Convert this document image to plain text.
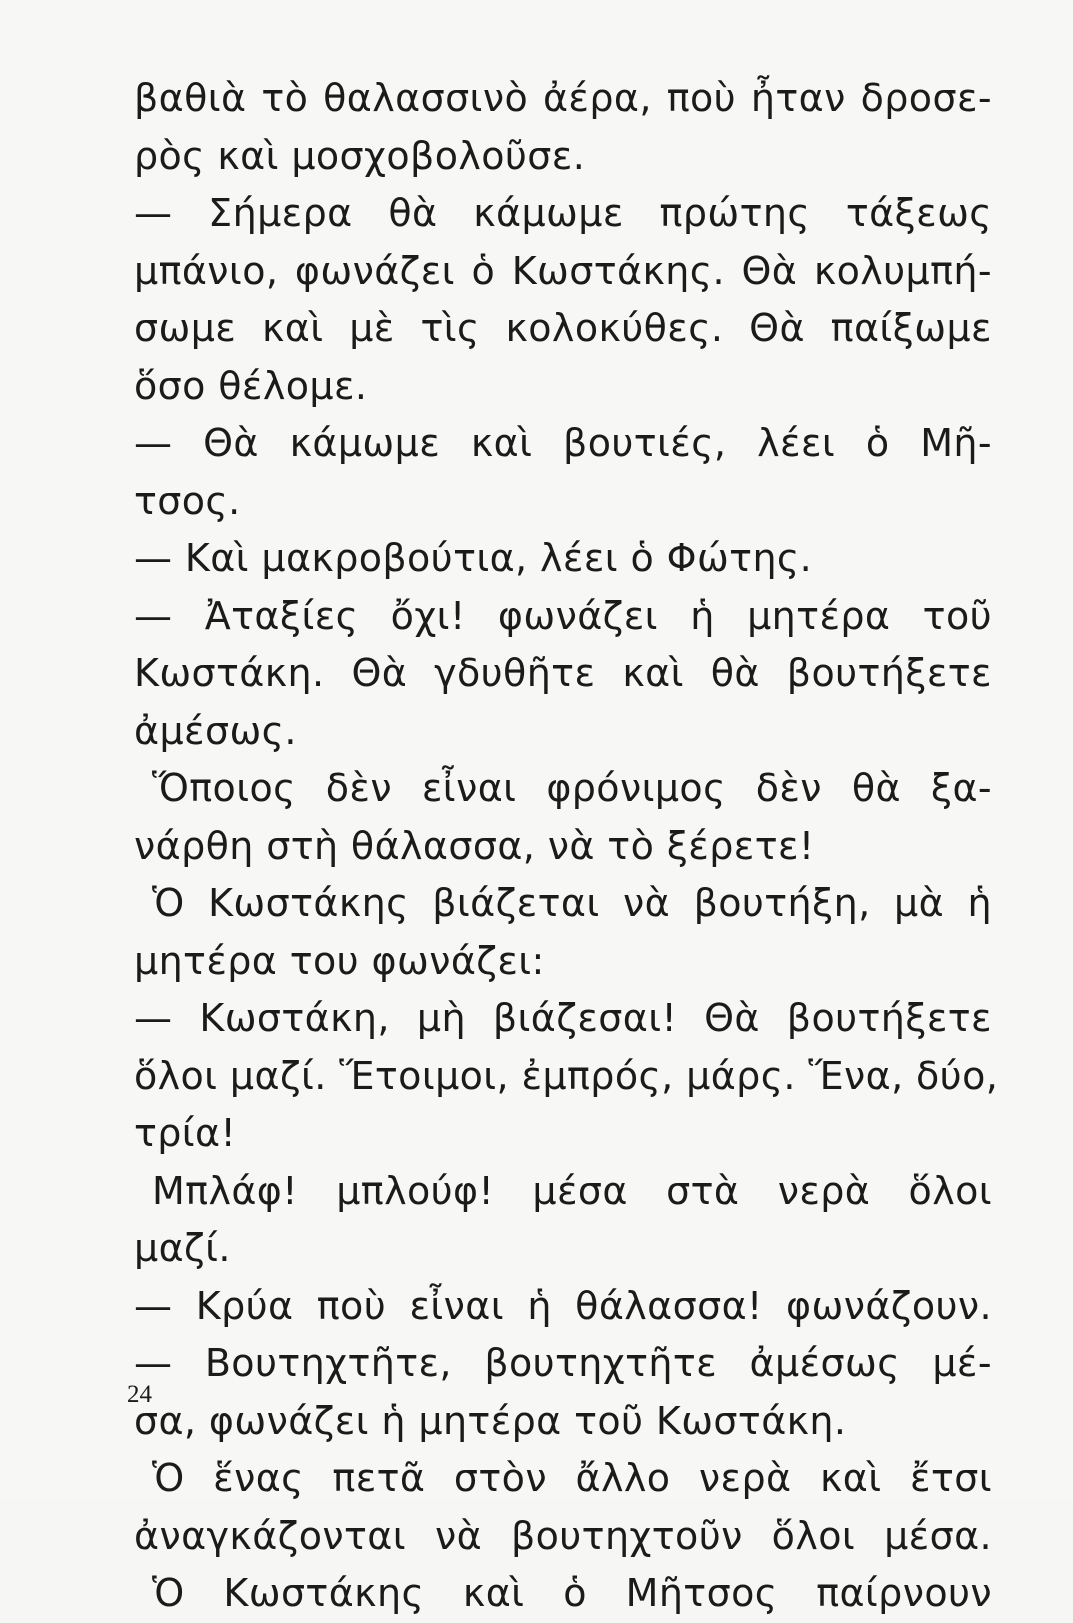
βαθιὰ τὸ θαλασσινὸ ἀέρα, ποὺ ἦταν δροσε-
ρὸς καὶ μοσχοβολοῦσε.
— Σήμερα θὰ κάμωμε πρώτης τάξεως
μπάνιο, φωνάζει ὁ Κωστάκης. Θὰ κολυμπή-
σωμε καὶ μὲ τὶς κολοκύθες. Θὰ παίξωμε
ὅσο θέλομε.
— Θὰ κάμωμε καὶ βουτιές, λέει ὁ Μῆ-
τσος.
— Καὶ μακροβούτια, λέει ὁ Φώτης.
— Ἀταξίες ὄχι! φωνάζει ἡ μητέρα τοῦ
Κωστάκη. Θὰ γδυθῆτε καὶ θὰ βουτήξετε
ἀμέσως.
Ὅποιος δὲν εἶναι φρόνιμος δὲν θὰ ξα-
νάρθη στὴ θάλασσα, νὰ τὸ ξέρετε!
Ὁ Κωστάκης βιάζεται νὰ βουτήξη, μὰ ἡ
μητέρα του φωνάζει:
— Κωστάκη, μὴ βιάζεσαι! Θὰ βουτήξετε
ὅλοι μαζί. Ἕτοιμοι, ἐμπρός, μάρς. Ἕνα, δύο,
τρία!
Μπλάφ! μπλούφ! μέσα στὰ νερὰ ὅλοι
μαζί.
— Κρύα ποὺ εἶναι ἡ θάλασσα! φωνάζουν.
— Βουτηχτῆτε, βουτηχτῆτε ἀμέσως μέ-
σα, φωνάζει ἡ μητέρα τοῦ Κωστάκη.
Ὁ ἕνας πετᾶ στὸν ἄλλο νερὰ καὶ ἔτσι
ἀναγκάζονται νὰ βουτηχτοῦν ὅλοι μέσα.
Ὁ Κωστάκης καὶ ὁ Μῆτσος παίρνουν
24
